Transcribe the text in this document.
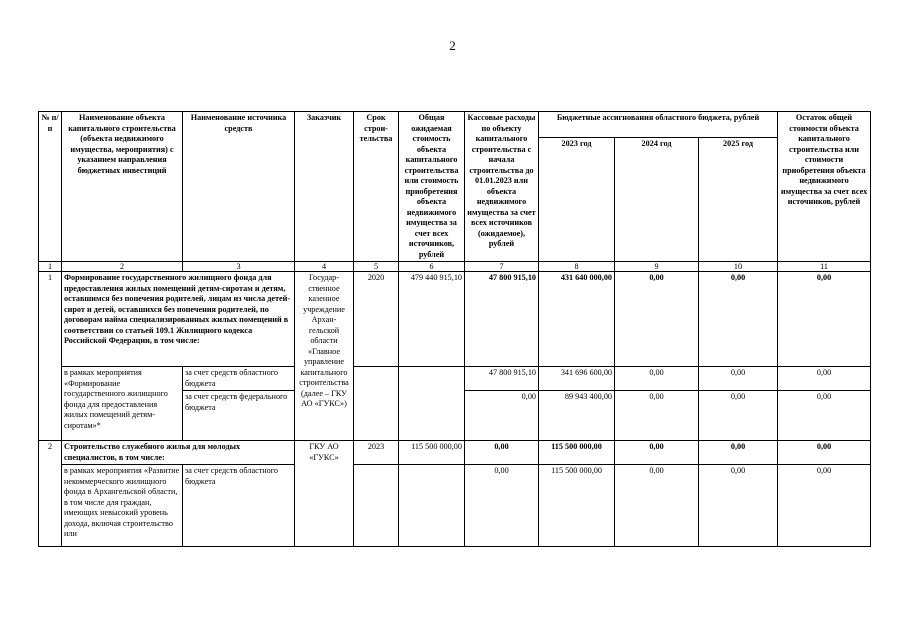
2
№ п/п	Наименование объекта капитального строительства (объекта недвижимого имущества, мероприятия) с указанием направления бюджетных инвестиций	Наименование источника средств	Заказчик	Срок строи-тельства	Общая ожидаемая стоимость объекта капитального строительства или стоимость приобретения объекта недвижимого имущества за счет всех источников, рублей	Кассовые расходы по объекту капитального строительства с начала строительства до 01.01.2023 или объекта недвижимого имущества за счет всех источников (ожидаемое), рублей	Бюджетные ассигнования областного бюджета, рублей			Остаток общей стоимости объекта капитального строительства или стоимости приобретения объекта недвижимого имущества за счет всех источников, рублей
							2023 год	2024 год	2025 год	
1	2	3	4	5	6	7	8	9	10	11
1	Формирование государственного жилищного фонда для предоставления жилых помещений детям-сиротам и детям, оставшимся без попечения родителей, лицам из числа детей-сирот и детей, оставшихся без попечения родителей, по договорам найма специализированных жилых помещений в соответствии со статьей 109.1 Жилищного кодекса Российской Федерации, в том числе:		Государ-ственное казенное учреждение Архан-гельской области «Главное управление капитального строительства (далее – ГКУ АО «ГУКС»)	2020	479 440 915,10	47 800 915,10	431 640 000,00	0,00	0,00	0,00
	в рамках мероприятия «Формирование государственного жилищного фонда для предоставления жилых помещений детям-сиротам»*	за счет средств областного бюджета				47 800 915,10	341 696 600,00	0,00	0,00	0,00
		за счет средств федерального бюджета				0,00	89 943 400,00	0,00	0,00	0,00
2	Строительство служебного жилья для молодых специалистов, в том числе:		ГКУ АО «ГУКС»	2023	115 500 000,00	0,00	115 500 000,00	0,00	0,00	0,00
	в рамках мероприятия «Развитие некоммерческого жилищного фонда в Архангельской области, в том числе для граждан, имеющих невысокий уровень дохода, включая строительство или	за счет средств областного бюджета				0,00	115 500 000,00	0,00	0,00	0,00
